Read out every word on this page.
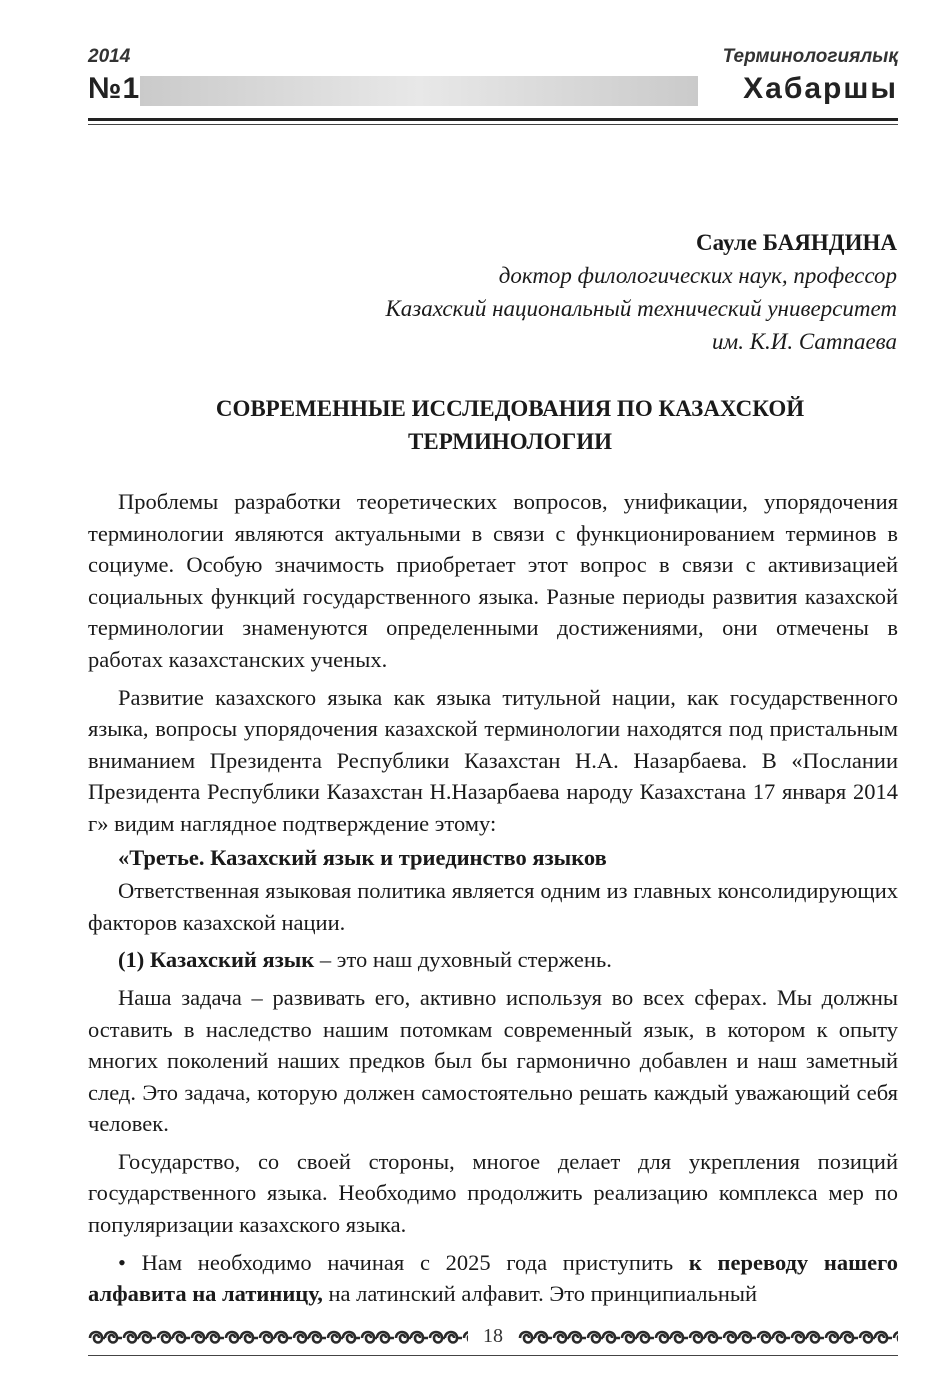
2014
№1
Терминологиялық
Хабаршы
Сауле БАЯНДИНА
доктор филологических наук, профессор
Казахский национальный технический университет
им. К.И. Сатпаева
СОВРЕМЕННЫЕ ИССЛЕДОВАНИЯ ПО КАЗАХСКОЙ
ТЕРМИНОЛОГИИ

Проблемы разработки теоретических вопросов, унификации, упорядочения терминологии являются актуальными в связи с функционированием терминов в социуме. Особую значимость приобретает этот вопрос в связи с активизацией социальных функций государственного языка. Разные периоды развития казахской терминологии знаменуются определенными достижениями, они отмечены в работах казахстанских ученых.

Развитие казахского языка как языка титульной нации, как государственного языка, вопросы упорядочения казахской терминологии находятся под пристальным вниманием Президента Республики Казахстан Н.А. Назарбаева. В «Послании Президента Республики Казахстан Н.Назарбаева народу Казахстана 17 января 2014 г» видим наглядное подтверждение этому:

«Третье. Казахский язык и триединство языков

Ответственная языковая политика является одним из главных консолидирующих факторов казахской нации.

(1) Казахский язык – это наш духовный стержень.

Наша задача – развивать его, активно используя во всех сферах. Мы должны оставить в наследство нашим потомкам современный язык, в котором к опыту многих поколений наших предков был бы гармонично добавлен и наш заметный след. Это задача, которую должен самостоятельно решать каждый уважающий себя человек.

Государство, со своей стороны, многое делает для укрепления позиций государственного языка. Необходимо продолжить реализацию комплекса мер по популяризации казахского языка.

• Нам необходимо начиная с 2025 года приступить к переводу нашего алфавита на латиницу, на латинский алфавит. Это принципиальный

18
